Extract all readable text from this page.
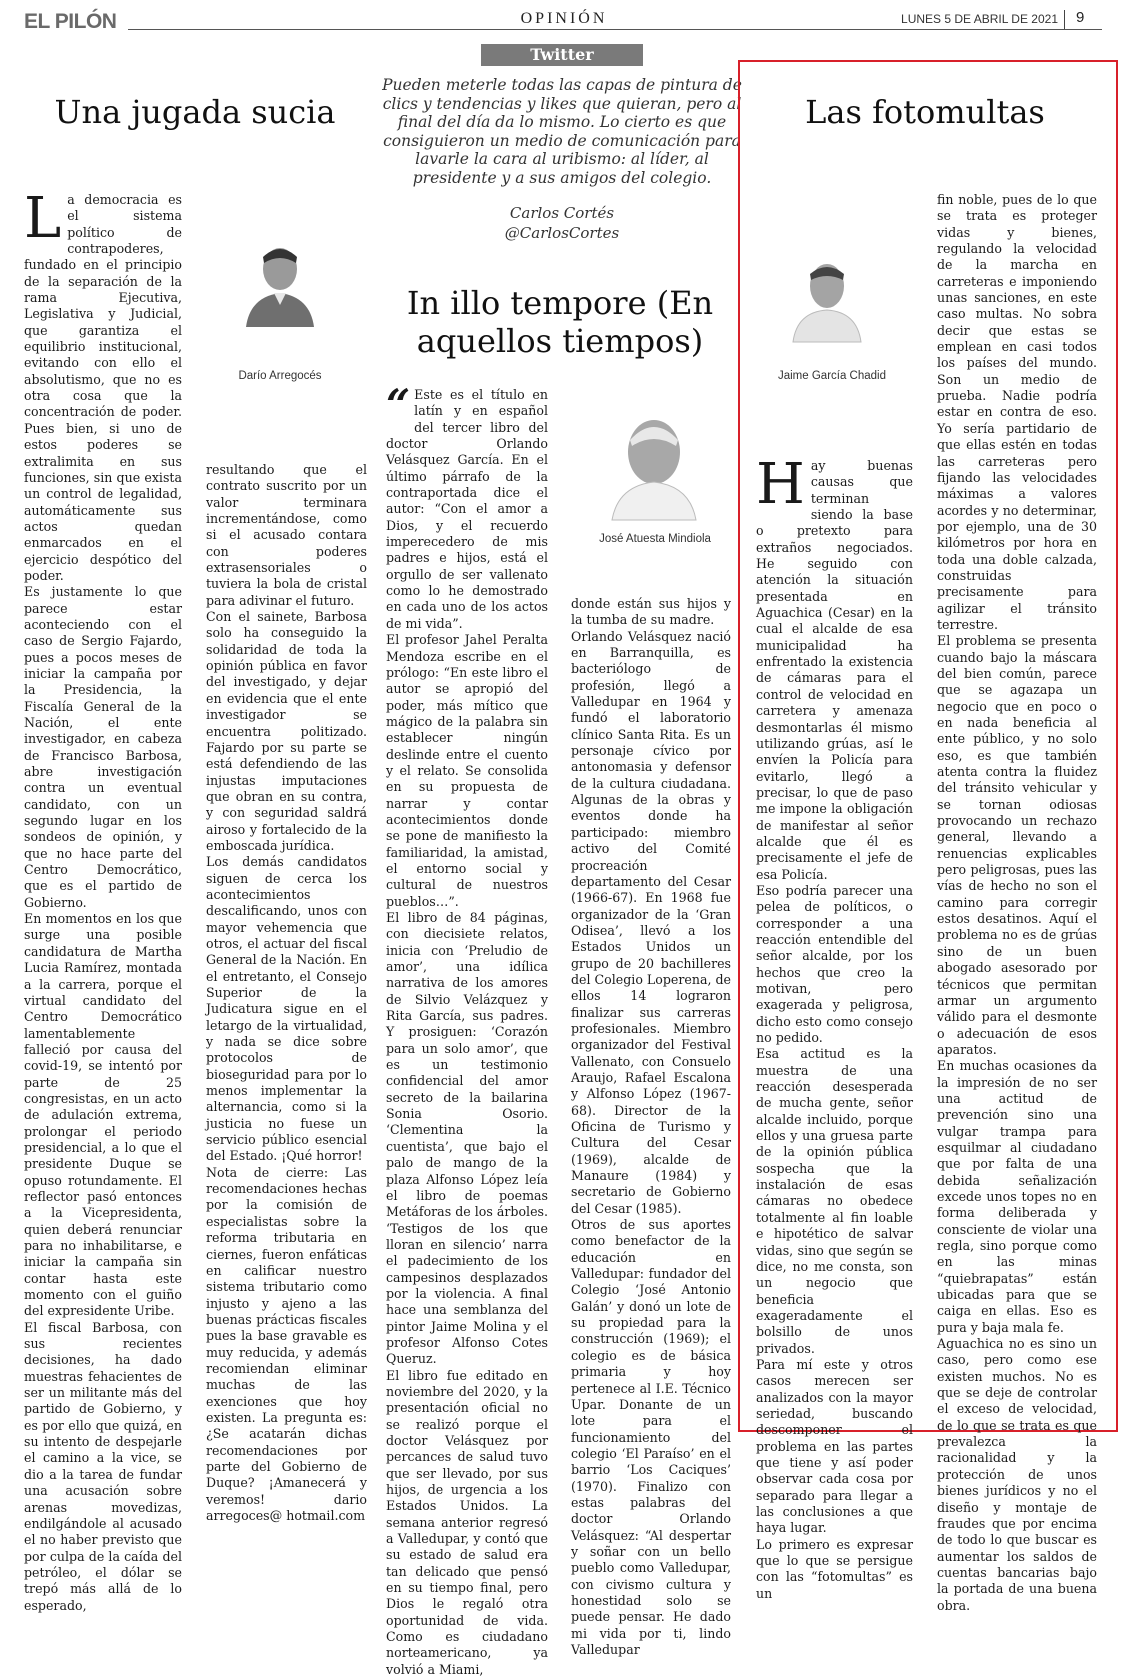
EL PILÓN	OPINIÓN	LUNES 5 DE ABRIL DE 2021 9
Twitter
Pueden meterle todas las capas de pintura de clics y tendencias y likes que quieran, pero al final del día da lo mismo. Lo cierto es que consiguieron un medio de comunicación para lavarle la cara al uribismo: al líder, al presidente y a sus amigos del colegio.
Carlos Cortés
@CarlosCortes
Una jugada sucia
L a democracia es el sistema político de contrapoderes, fundado en el principio de la separación de la rama Ejecutiva, Legislativa y Judicial, que garantiza el equilibrio institucional, evitando con ello el absolutismo, que no es otra cosa que la concentración de poder. Pues bien, si uno de estos poderes se extralimita en sus funciones, sin que exista un control de legalidad, automáticamente sus actos quedan enmarcados en el ejercicio despótico del poder.

Es justamente lo que parece estar aconteciendo con el caso de Sergio Fajardo, pues a pocos meses de iniciar la campaña por la Presidencia, la Fiscalía General de la Nación, el ente investigador, en cabeza de Francisco Barbosa, abre investigación contra un eventual candidato, con un segundo lugar en los sondeos de opinión, y que no hace parte del Centro Democrático, que es el partido de Gobierno.

En momentos en los que surge una posible candidatura de Martha Lucia Ramírez, montada a la carrera, porque el virtual candidato del Centro Democrático lamentablemente falleció por causa del covid-19, se intentó por parte de 25 congresistas, en un acto de adulación extrema, prolongar el periodo presidencial, a lo que el presidente Duque se opuso rotundamente. El reflector pasó entonces a la Vicepresidenta, quien deberá renunciar para no inhabilitarse, e iniciar la campaña sin contar hasta este momento con el guiño del expresidente Uribe.

El fiscal Barbosa, con sus recientes decisiones, ha dado muestras fehacientes de ser un militante más del partido de Gobierno, y es por ello que quizá, en su intento de despejarle el camino a la vice, se dio a la tarea de fundar una acusación sobre arenas movedizas, endilgándole al acusado el no haber previsto que por culpa de la caída del petróleo, el dólar se trepó más allá de lo esperado,

Darío Arregocés

resultando que el contrato suscrito por un valor terminara incrementándose, como si el acusado contara con poderes extrasensoriales o tuviera la bola de cristal para adivinar el futuro.

Con el sainete, Barbosa solo ha conseguido la solidaridad de toda la opinión pública en favor del investigado, y dejar en evidencia que el ente investigador se encuentra politizado. Fajardo por su parte se está defendiendo de las injustas imputaciones que obran en su contra, y con seguridad saldrá airoso y fortalecido de la emboscada jurídica.

Los demás candidatos siguen de cerca los acontecimientos descalificando, unos con mayor vehemencia que otros, el actuar del fiscal General de la Nación. En el entretanto, el Consejo Superior de la Judicatura sigue en el letargo de la virtualidad, y nada se dice sobre protocolos de bioseguridad para por lo menos implementar la alternancia, como si la justicia no fuese un servicio público esencial del Estado. ¡Qué horror!

Nota de cierre: Las recomendaciones hechas por la comisión de especialistas sobre la reforma tributaria en ciernes, fueron enfáticas en calificar nuestro sistema tributario como injusto y ajeno a las buenas prácticas fiscales pues la base gravable es muy reducida, y además recomiendan eliminar muchas de las exenciones que hoy existen. La pregunta es: ¿Se acatarán dichas recomendaciones por parte del Gobierno de Duque? ¡Amanecerá y veremos! dario arregoces@ hotmail.com

In illo tempore (En aquellos tiempos)
“ Este es el título en latín y en español del tercer libro del doctor Orlando Velásquez García. En el último párrafo de la contraportada dice el autor: “Con el amor a Dios, y el recuerdo imperecedero de mis padres e hijos, está el orgullo de ser vallenato como lo he demostrado en cada uno de los actos de mi vida”.

El profesor Jahel Peralta Mendoza escribe en el prólogo: “En este libro el autor se apropió del poder, más mítico que mágico de la palabra sin establecer ningún deslinde entre el cuento y el relato. Se consolida en su propuesta de narrar y contar acontecimientos donde se pone de manifiesto la familiaridad, la amistad, el entorno social y cultural de nuestros pueblos…”.

El libro de 84 páginas, con diecisiete relatos, inicia con ‘Preludio de amor’, una idílica narrativa de los amores de Silvio Velázquez y Rita García, sus padres. Y prosiguen: ‘Corazón para un solo amor’, que es un testimonio confidencial del amor secreto de la bailarina Sonia Osorio. ‘Clementina la cuentista’, que bajo el palo de mango de la plaza Alfonso López leía el libro de poemas Metáforas de los árboles. ‘Testigos de los que lloran en silencio’ narra el padecimiento de los campesinos desplazados por la violencia. A final hace una semblanza del pintor Jaime Molina y el profesor Alfonso Cotes Queruz.

El libro fue editado en noviembre del 2020, y la presentación oficial no se realizó porque el doctor Velásquez por percances de salud tuvo que ser llevado, por sus hijos, de urgencia a los Estados Unidos. La semana anterior regresó a Valledupar, y contó que su estado de salud era tan delicado que pensó en su tiempo final, pero Dios le regaló otra oportunidad de vida. Como es ciudadano norteamericano, ya volvió a Miami,

José Atuesta Mindiola

donde están sus hijos y la tumba de su madre.

Orlando Velásquez nació en Barranquilla, es bacteriólogo de profesión, llegó a Valledupar en 1964 y fundó el laboratorio clínico Santa Rita. Es un personaje cívico por antonomasia y defensor de la cultura ciudadana. Algunas de la obras y eventos donde ha participado: miembro activo del Comité procreación departamento del Cesar (1966-67). En 1968 fue organizador de la ‘Gran Odisea’, llevó a los Estados Unidos un grupo de 20 bachilleres del Colegio Loperena, de ellos 14 lograron finalizar sus carreras profesionales. Miembro organizador del Festival Vallenato, con Consuelo Araujo, Rafael Escalona y Alfonso López (1967-68). Director de la Oficina de Turismo y Cultura del Cesar (1969), alcalde de Manaure (1984) y secretario de Gobierno del Cesar (1985).

Otros de sus aportes como benefactor de la educación en Valledupar: fundador del Colegio ‘José Antonio Galán’ y donó un lote de su propiedad para la construcción (1969); el colegio es de básica primaria y hoy pertenece al I.E. Técnico Upar. Donante de un lote para el funcionamiento del colegio ‘El Paraíso’ en el barrio ‘Los Caciques’ (1970). Finalizo con estas palabras del doctor Orlando Velásquez: “Al despertar y soñar con un bello pueblo como Valledupar, con civismo cultura y honestidad solo se puede pensar. He dado mi vida por ti, lindo Valledupar

Las fotomultas
Jaime García Chadid
H ay buenas causas que terminan siendo la base o pretexto para extraños negociados. He seguido con atención la situación presentada en Aguachica (Cesar) en la cual el alcalde de esa municipalidad ha enfrentado la existencia de cámaras para el control de velocidad en carretera y amenaza desmontarlas él mismo utilizando grúas, así le envíen la Policía para evitarlo, llegó a precisar, lo que de paso me impone la obligación de manifestar al señor alcalde que él es precisamente el jefe de esa Policía.

Eso podría parecer una pelea de políticos, o corresponder a una reacción entendible del señor alcalde, por los hechos que creo la motivan, pero exagerada y peligrosa, dicho esto como consejo no pedido.

Esa actitud es la muestra de una reacción desesperada de mucha gente, señor alcalde incluido, porque ellos y una gruesa parte de la opinión pública sospecha que la instalación de esas cámaras no obedece totalmente al fin loable e hipotético de salvar vidas, sino que según se dice, no me consta, son un negocio que beneficia exageradamente el bolsillo de unos privados.

Para mí este y otros casos merecen ser analizados con la mayor seriedad, buscando descomponer el problema en las partes que tiene y así poder observar cada cosa por separado para llegar a las conclusiones a que haya lugar.

Lo primero es expresar que lo que se persigue con las “fotomultas” es un

fin noble, pues de lo que se trata es proteger vidas y bienes, regulando la velocidad de la marcha en carreteras e imponiendo unas sanciones, en este caso multas. No sobra decir que estas se emplean en casi todos los países del mundo. Son un medio de prueba. Nadie podría estar en contra de eso. Yo sería partidario de que ellas estén en todas las carreteras pero fijando las velocidades máximas a valores acordes y no determinar, por ejemplo, una de 30 kilómetros por hora en toda una doble calzada, construidas precisamente para agilizar el tránsito terrestre.

El problema se presenta cuando bajo la máscara del bien común, parece que se agazapa un negocio que en poco o en nada beneficia al ente público, y no solo eso, es que también atenta contra la fluidez del tránsito vehicular y se tornan odiosas provocando un rechazo general, llevando a renuencias explicables pero peligrosas, pues las vías de hecho no son el camino para corregir estos desatinos. Aquí el problema no es de grúas sino de un buen abogado asesorado por técnicos que permitan armar un argumento válido para el desmonte o adecuación de esos aparatos.

En muchas ocasiones da la impresión de no ser una actitud de prevención sino una vulgar trampa para esquilmar al ciudadano que por falta de una debida señalización excede unos topes no en forma deliberada y consciente de violar una regla, sino porque como en las minas “quiebrapatas” están ubicadas para que se caiga en ellas. Eso es pura y baja mala fe.

Aguachica no es sino un caso, pero como ese existen muchos. No es que se deje de controlar el exceso de velocidad, de lo que se trata es que prevalezca la racionalidad y la protección de unos bienes jurídicos y no el diseño y montaje de fraudes que por encima de todo lo que buscar es aumentar los saldos de cuentas bancarias bajo la portada de una buena obra.
